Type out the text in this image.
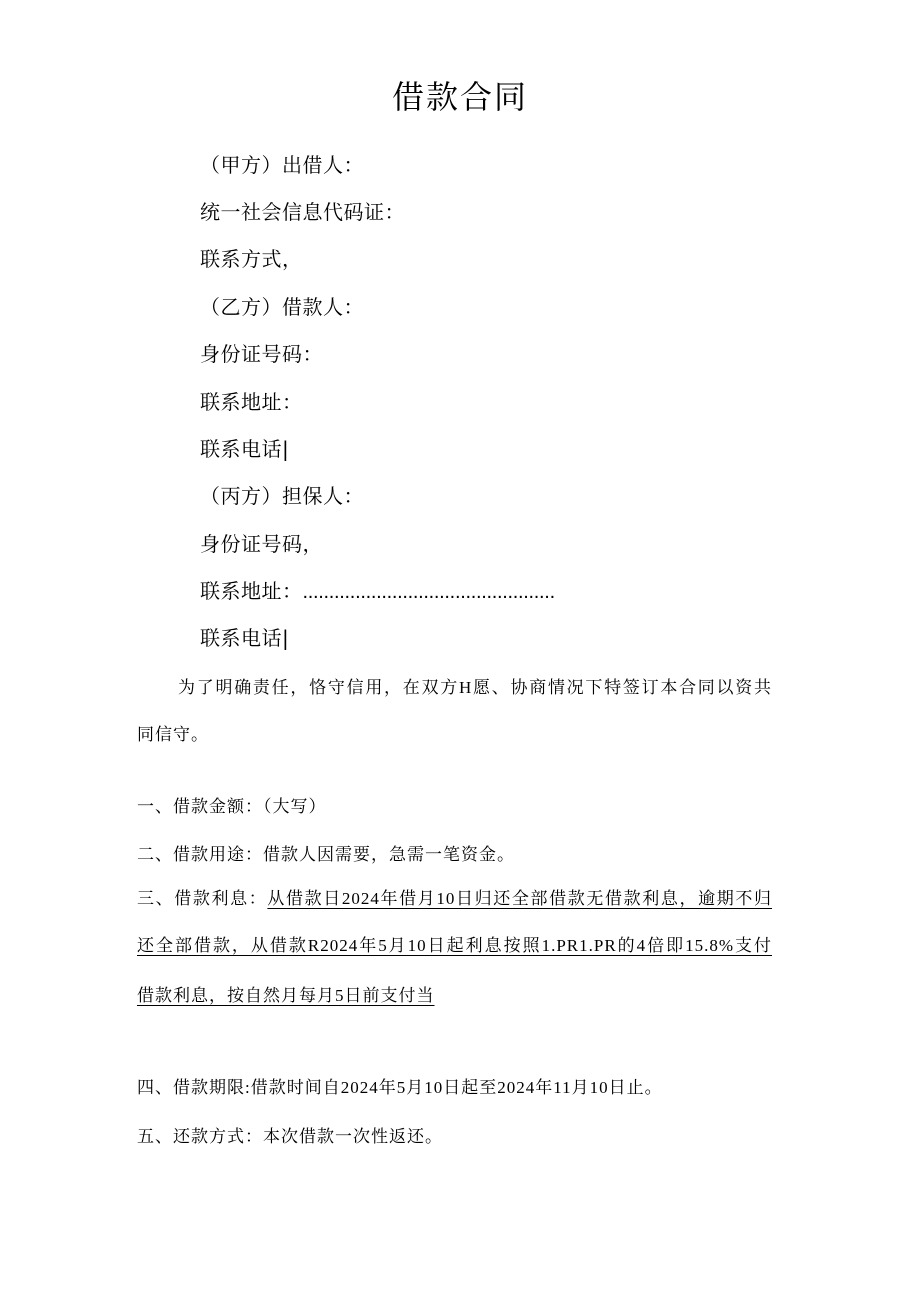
借款合同
（甲方）出借人：
统一社会信息代码证：
联系方式，
（乙方）借款人：
身份证号码：
联系地址：
联系电话|
（丙方）担保人：
身份证号码，
联系地址：................................................
联系电话|
为了明确责任，恪守信用，在双方H愿、协商情况下特签订本合同以资共
同信守。
一、借款金额：（大写）
二、借款用途：借款人因需要，急需一笔资金。
三、借款利息：从借款日2024年借月10日归还全部借款无借款利息，逾期不归
还全部借款，从借款R2024年5月10日起利息按照1.PR1.PR的4倍即15.8%支付
借款利息，按自然月每月5日前支付当
四、借款期限:借款时间自2024年5月10日起至2024年11月10日止。
五、还款方式：本次借款一次性返还。
